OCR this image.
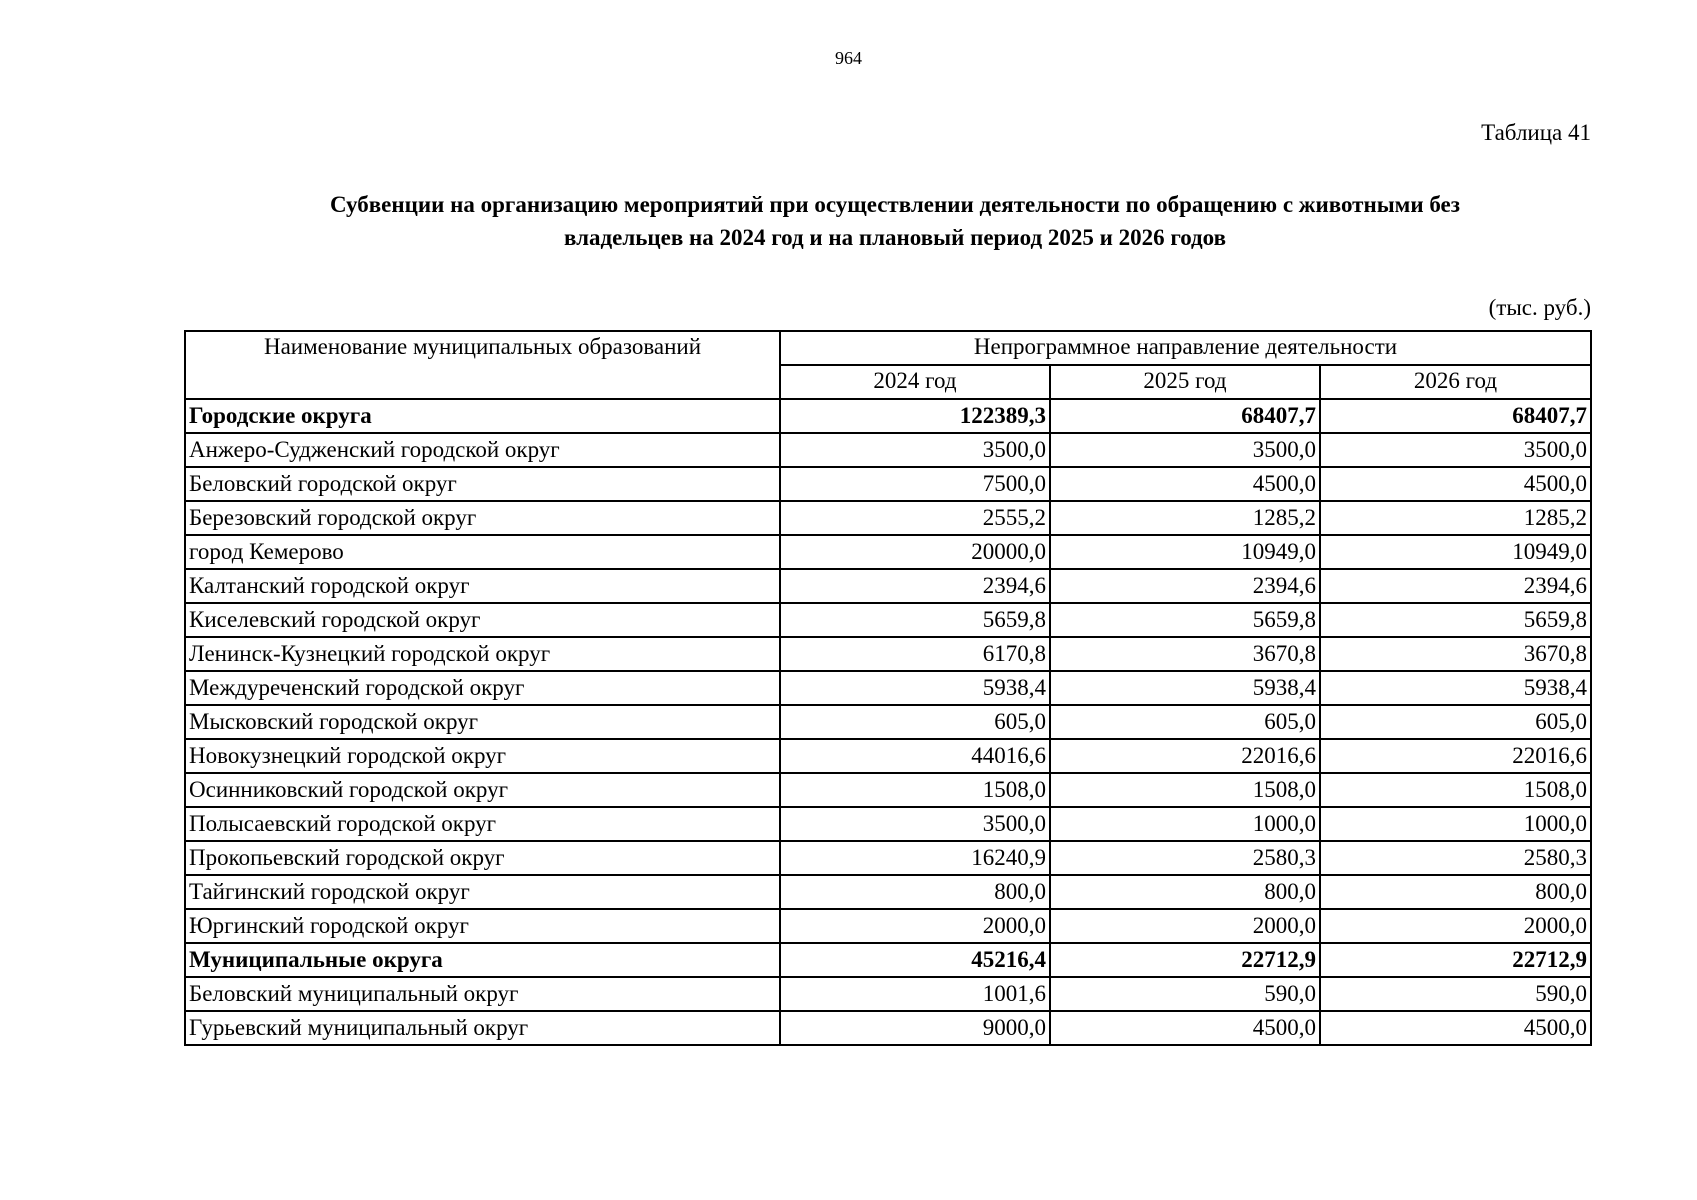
964
Таблица 41
Субвенции на организацию мероприятий при осуществлении деятельности по обращению с животными без
владельцев на 2024 год и на плановый период 2025 и 2026 годов
(тыс. руб.)
Наименование муниципальных образований	Непрограммное направление деятельности		
	2024 год	2025 год	2026 год
Городские округа	122389,3	68407,7	68407,7
Анжеро-Судженский городской округ	3500,0	3500,0	3500,0
Беловский городской округ	7500,0	4500,0	4500,0
Березовский городской округ	2555,2	1285,2	1285,2
город Кемерово	20000,0	10949,0	10949,0
Калтанский городской округ	2394,6	2394,6	2394,6
Киселевский городской округ	5659,8	5659,8	5659,8
Ленинск-Кузнецкий городской округ	6170,8	3670,8	3670,8
Междуреченский городской округ	5938,4	5938,4	5938,4
Мысковский городской округ	605,0	605,0	605,0
Новокузнецкий городской округ	44016,6	22016,6	22016,6
Осинниковский городской округ	1508,0	1508,0	1508,0
Полысаевский городской округ	3500,0	1000,0	1000,0
Прокопьевский городской округ	16240,9	2580,3	2580,3
Тайгинский городской округ	800,0	800,0	800,0
Юргинский городской округ	2000,0	2000,0	2000,0
Муниципальные округа	45216,4	22712,9	22712,9
Беловский муниципальный округ	1001,6	590,0	590,0
Гурьевский муниципальный округ	9000,0	4500,0	4500,0
